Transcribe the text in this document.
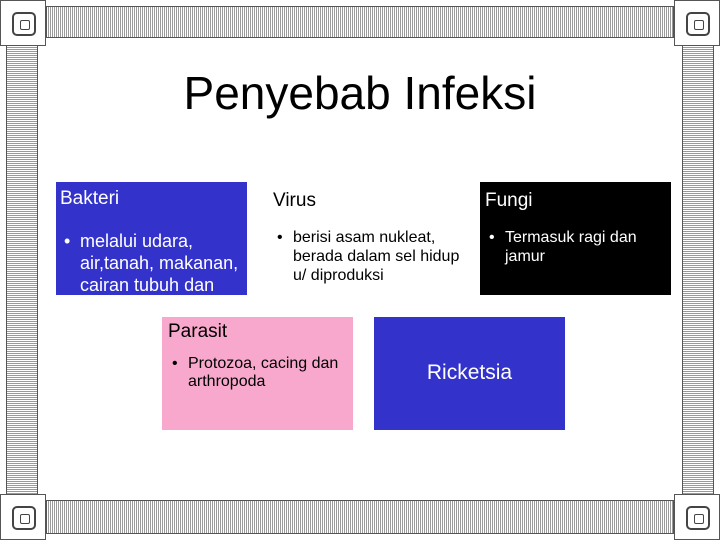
Penyebab Infeksi
Bakteri
• melalui udara, air,tanah, makanan, cairan tubuh dan mati
Virus
• berisi asam nukleat, berada dalam sel hidup u/ diproduksi
Fungi
• Termasuk ragi dan jamur
Parasit
• Protozoa, cacing dan arthropoda	Ricketsia
